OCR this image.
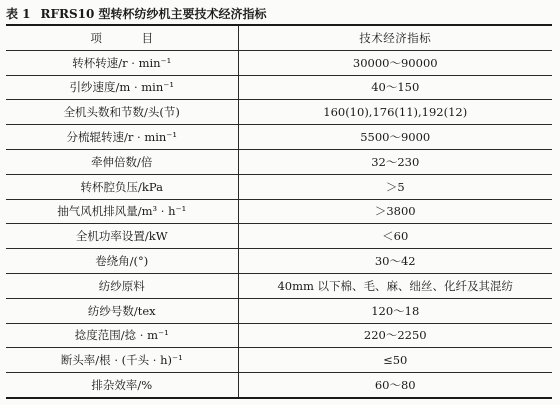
表 1 RFRS10 型转杯纺纱机主要技术经济指标
项 目	技术经济指标
转杯转速/r · min⁻¹	30000～90000
引纱速度/m · min⁻¹	40～150
全机头数和节数/头(节)	160(10),176(11),192(12)
分梳辊转速/r · min⁻¹	5500～9000
牵伸倍数/倍	32～230
转杯腔负压/kPa	＞5
抽气风机排风量/m³ · h⁻¹	＞3800
全机功率设置/kW	＜60
卷绕角/(°)	30～42
纺纱原料	40mm 以下棉、毛、麻、绌丝、化纤及其混纺
纺纱号数/tex	120～18
捻度范围/捻 · m⁻¹	220～2250
断头率/根 · (千头 · h)⁻¹	≤50
排杂效率/%	60～80
